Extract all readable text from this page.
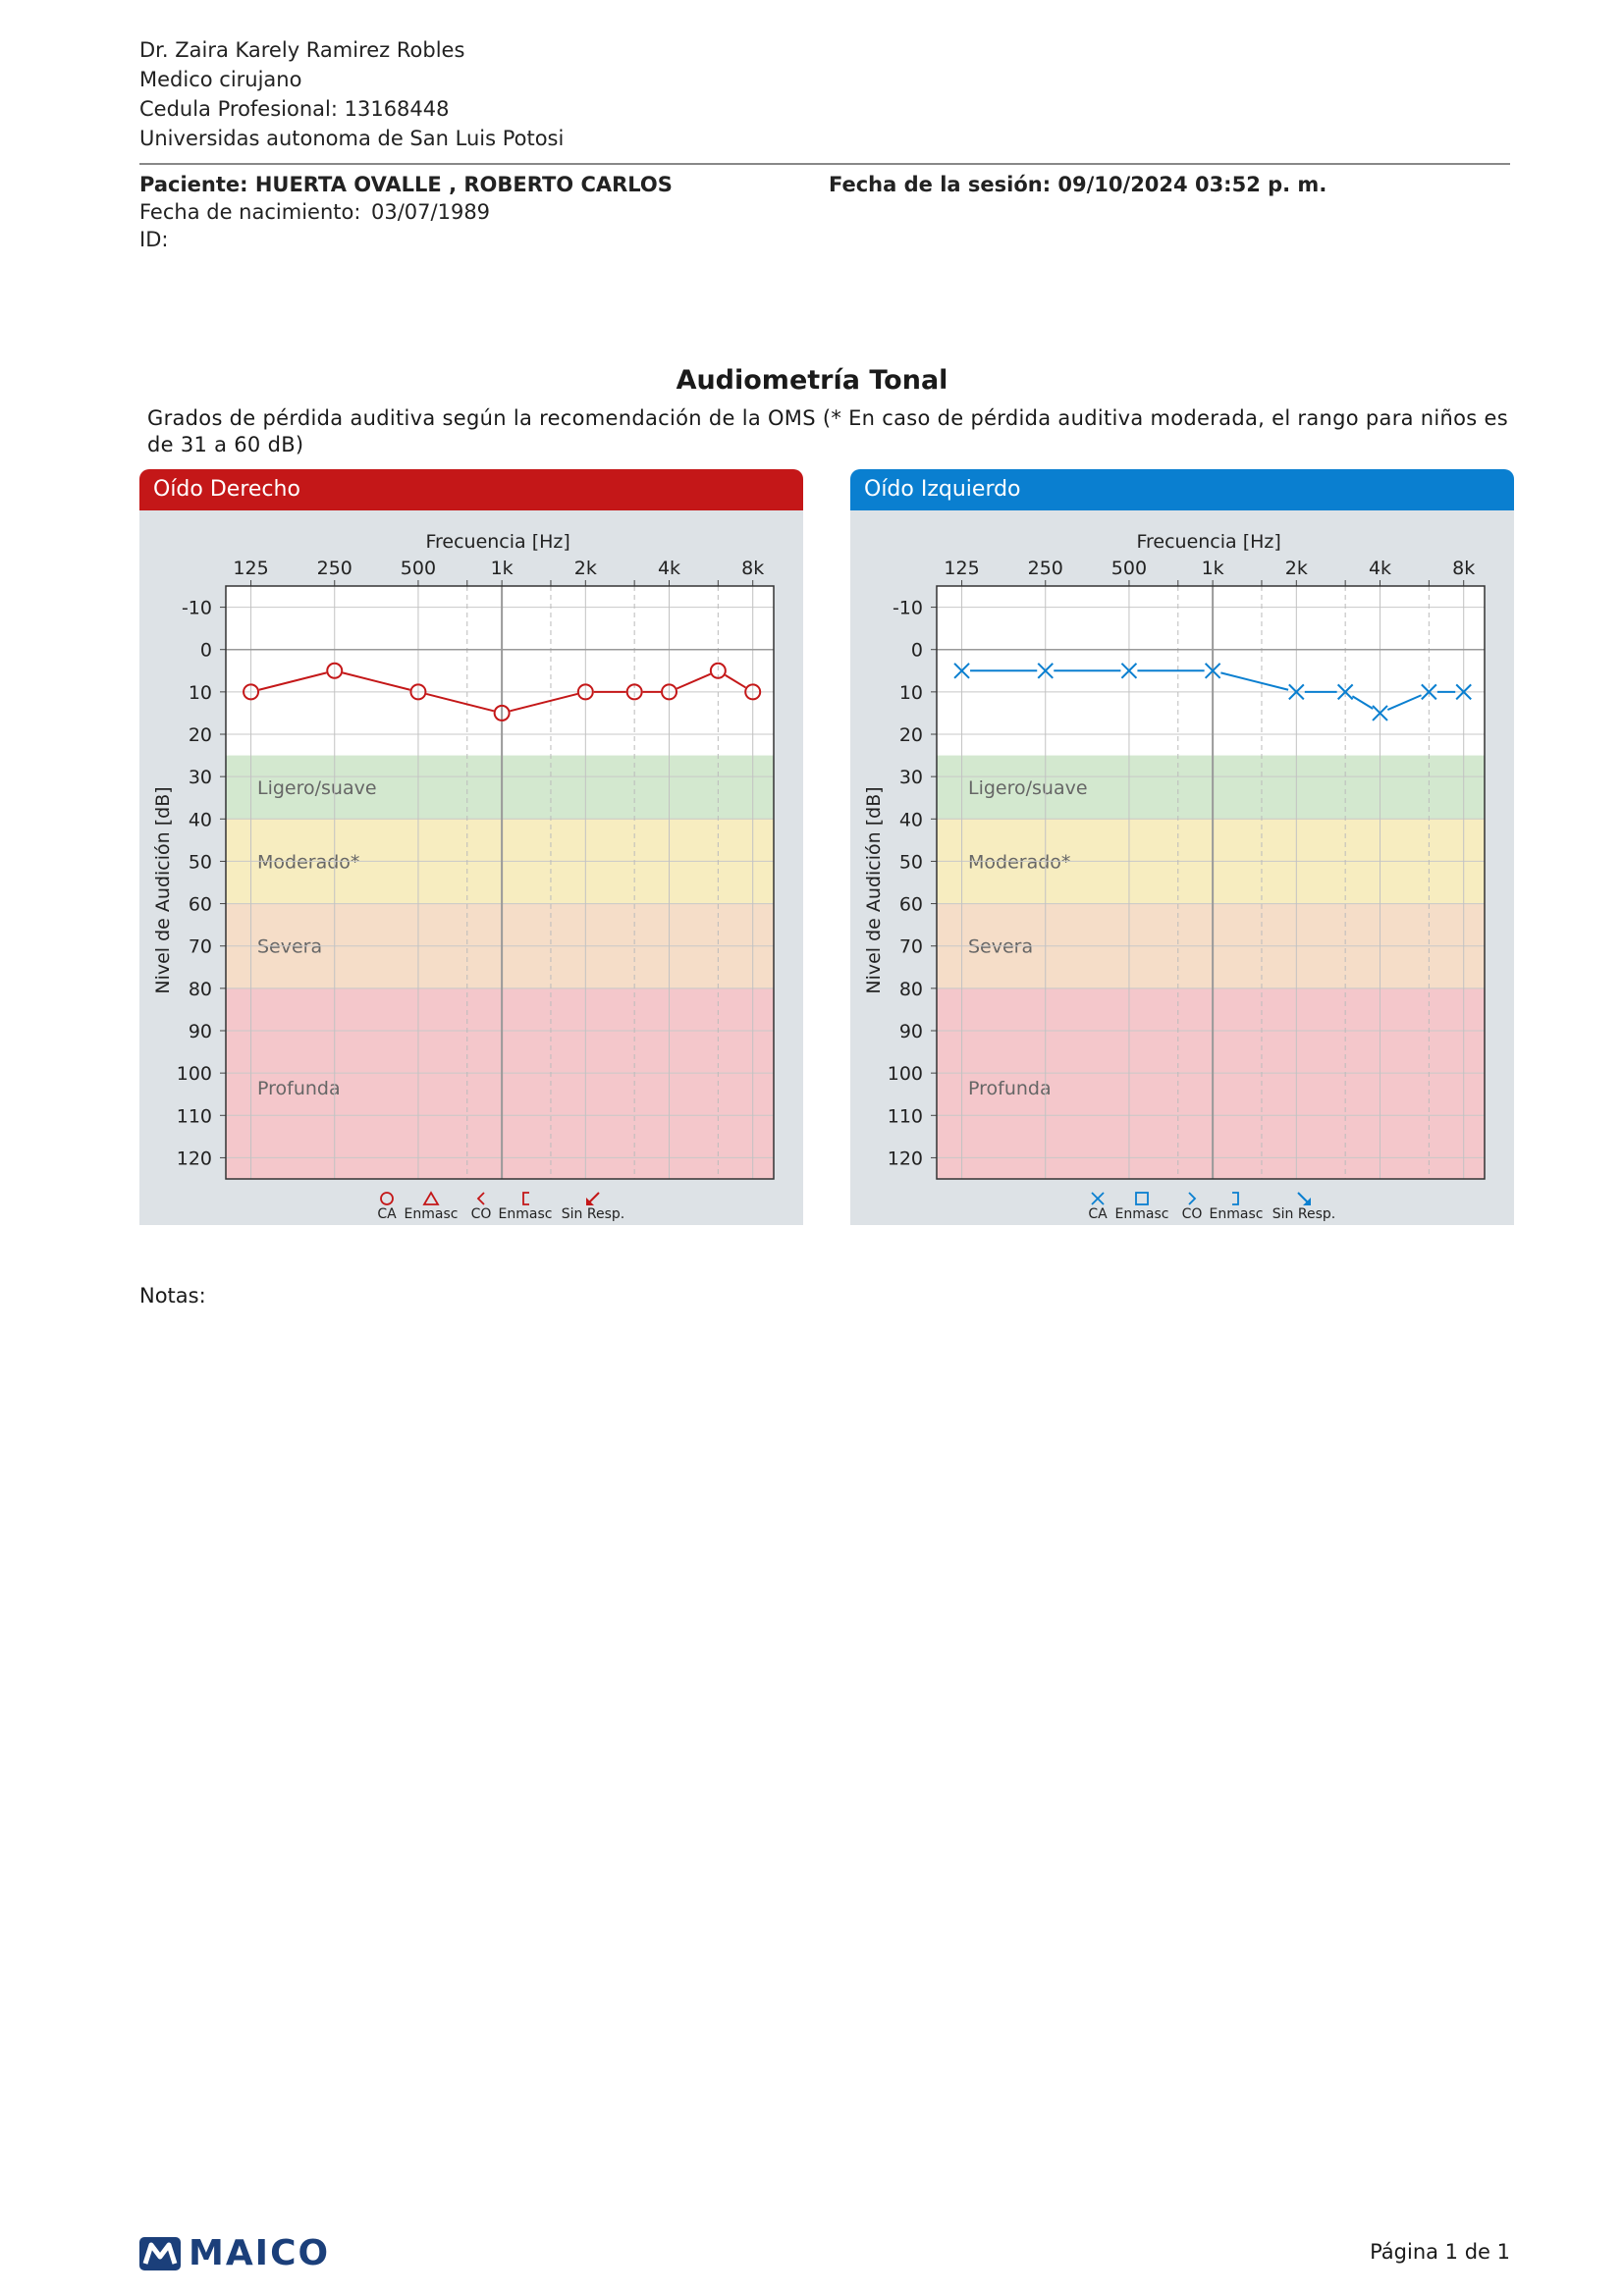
Dr. Zaira Karely Ramirez Robles
Medico cirujano
Cedula Profesional: 13168448
Universidas autonoma de San Luis Potosi
Paciente: HUERTA OVALLE , ROBERTO CARLOS	Fecha de la sesión: 09/10/2024 03:52 p. m.
Fecha de nacimiento: 03/07/1989
ID:
Audiometría Tonal
Grados de pérdida auditiva según la recomendación de la OMS (* En caso de pérdida auditiva moderada, el rango para niños es de 31 a 60 dB)
Oído Derecho
Ligero/suave
Moderado*
Severa
Profunda
125	250	500	1k	2k	4k	8k
Frecuencia [Hz]
-10
0
10
20
30
40
50
60
70
80
90
100
110
120
Nivel de Audición [dB]
CA Enmasc CO Enmasc Sin Resp.
Oído Izquierdo
Ligero/suave
Moderado*
Severa
Profunda
125	250	500	1k	2k	4k	8k
Frecuencia [Hz]
-10
0
10
20
30
40
50
60
70
80
90
100
110
120
Nivel de Audición [dB]
CA Enmasc CO Enmasc Sin Resp.
Notas:
MAICO	Página 1 de 1
